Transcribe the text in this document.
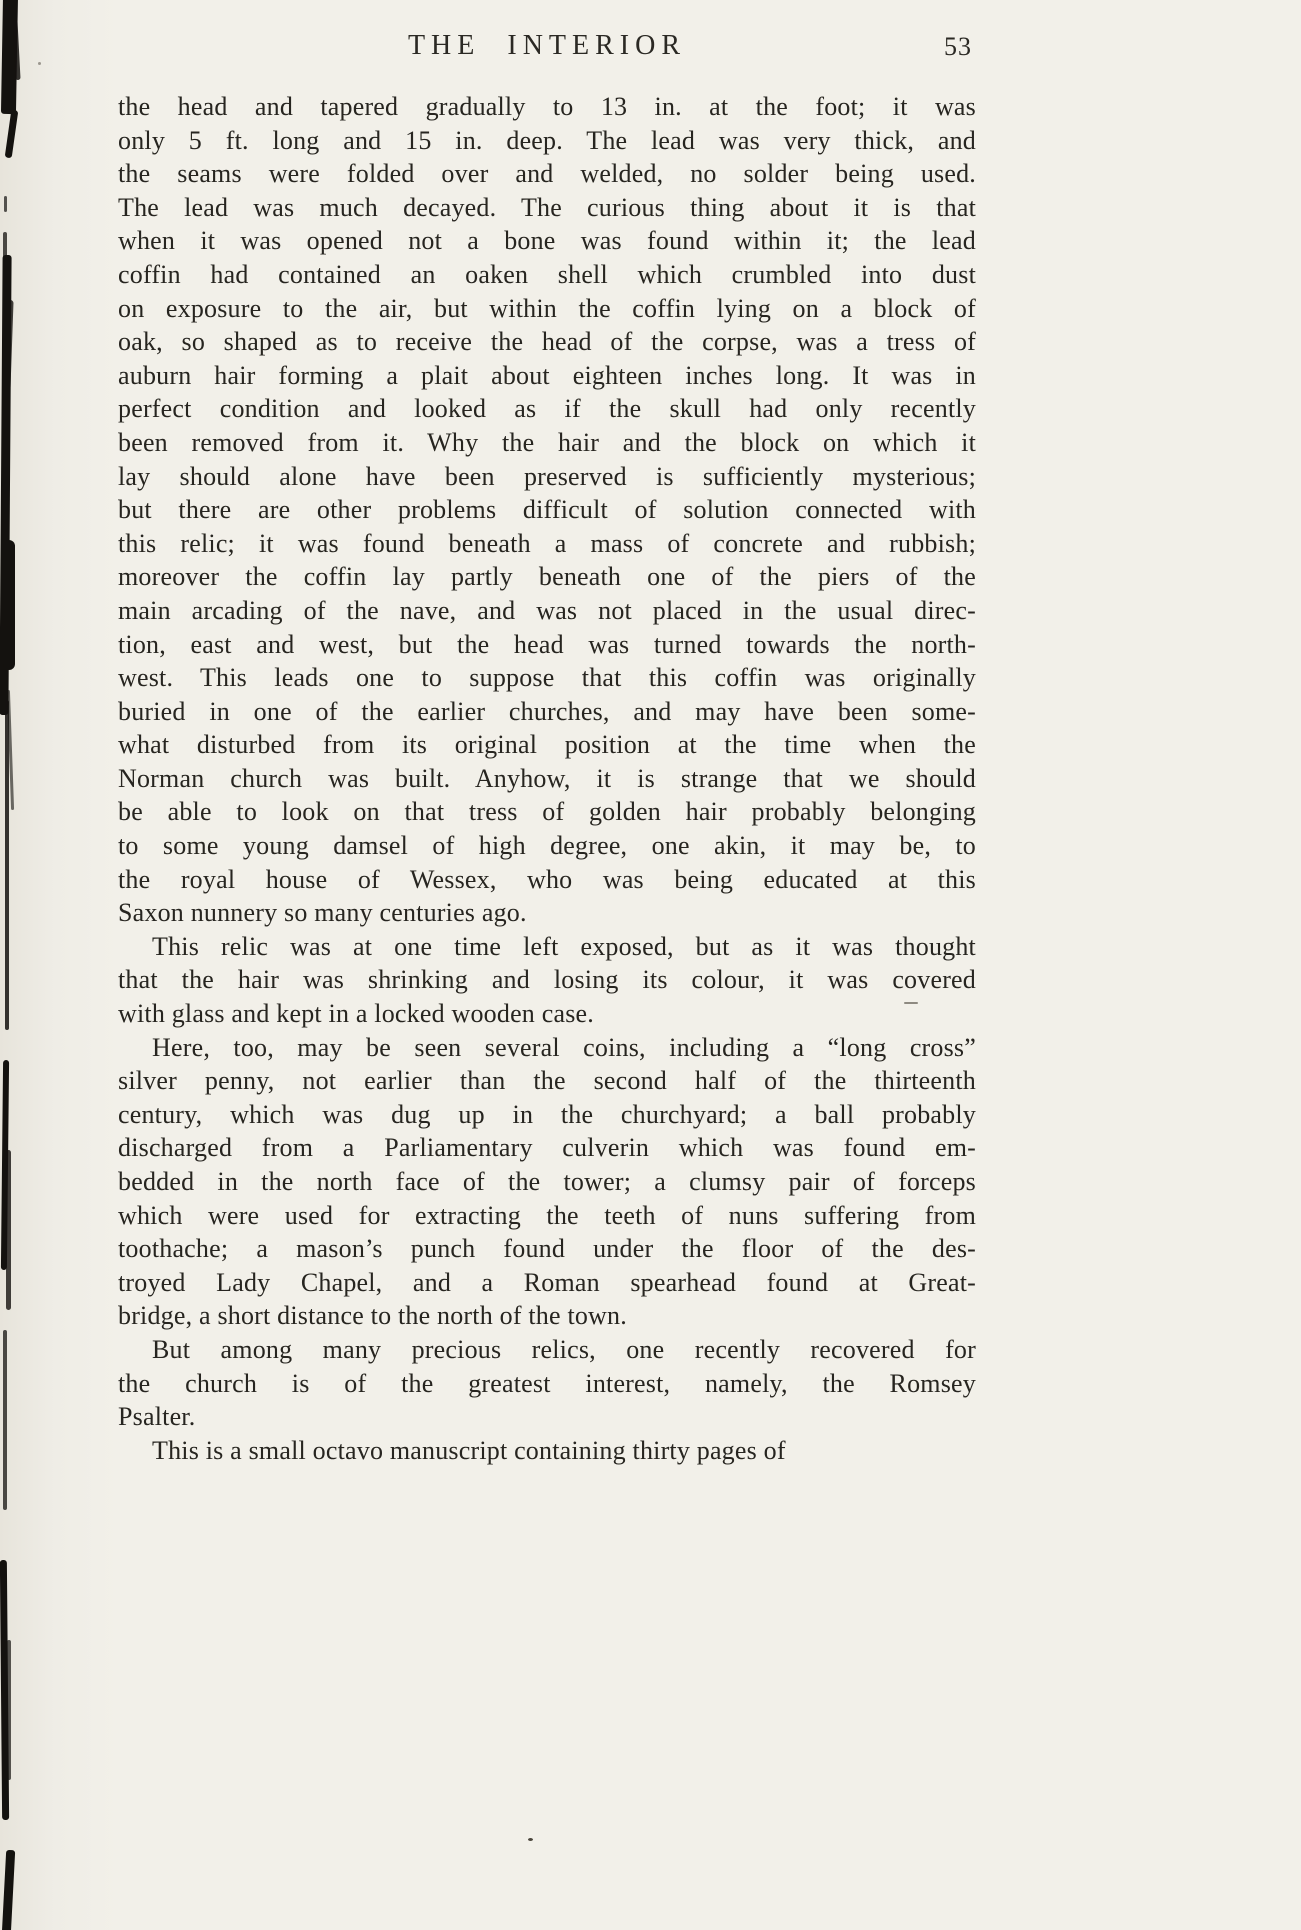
THE INTERIOR	53
the head and tapered gradually to 13 in. at the foot; it was
only 5 ft. long and 15 in. deep. The lead was very thick, and
the seams were folded over and welded, no solder being used.
The lead was much decayed. The curious thing about it is that
when it was opened not a bone was found within it; the lead
coffin had contained an oaken shell which crumbled into dust
on exposure to the air, but within the coffin lying on a block of
oak, so shaped as to receive the head of the corpse, was a tress of
auburn hair forming a plait about eighteen inches long. It was in
perfect condition and looked as if the skull had only recently
been removed from it. Why the hair and the block on which it
lay should alone have been preserved is sufficiently mysterious;
but there are other problems difficult of solution connected with
this relic; it was found beneath a mass of concrete and rubbish;
moreover the coffin lay partly beneath one of the piers of the
main arcading of the nave, and was not placed in the usual direc-
tion, east and west, but the head was turned towards the north-
west. This leads one to suppose that this coffin was originally
buried in one of the earlier churches, and may have been some-
what disturbed from its original position at the time when the
Norman church was built. Anyhow, it is strange that we should
be able to look on that tress of golden hair probably belonging
to some young damsel of high degree, one akin, it may be, to
the royal house of Wessex, who was being educated at this
Saxon nunnery so many centuries ago.
This relic was at one time left exposed, but as it was thought
that the hair was shrinking and losing its colour, it was covered
with glass and kept in a locked wooden case.
Here, too, may be seen several coins, including a “long cross”
silver penny, not earlier than the second half of the thirteenth
century, which was dug up in the churchyard; a ball probably
discharged from a Parliamentary culverin which was found em-
bedded in the north face of the tower; a clumsy pair of forceps
which were used for extracting the teeth of nuns suffering from
toothache; a mason’s punch found under the floor of the des-
troyed Lady Chapel, and a Roman spearhead found at Great-
bridge, a short distance to the north of the town.
But among many precious relics, one recently recovered for
the church is of the greatest interest, namely, the Romsey
Psalter.
This is a small octavo manuscript containing thirty pages of
